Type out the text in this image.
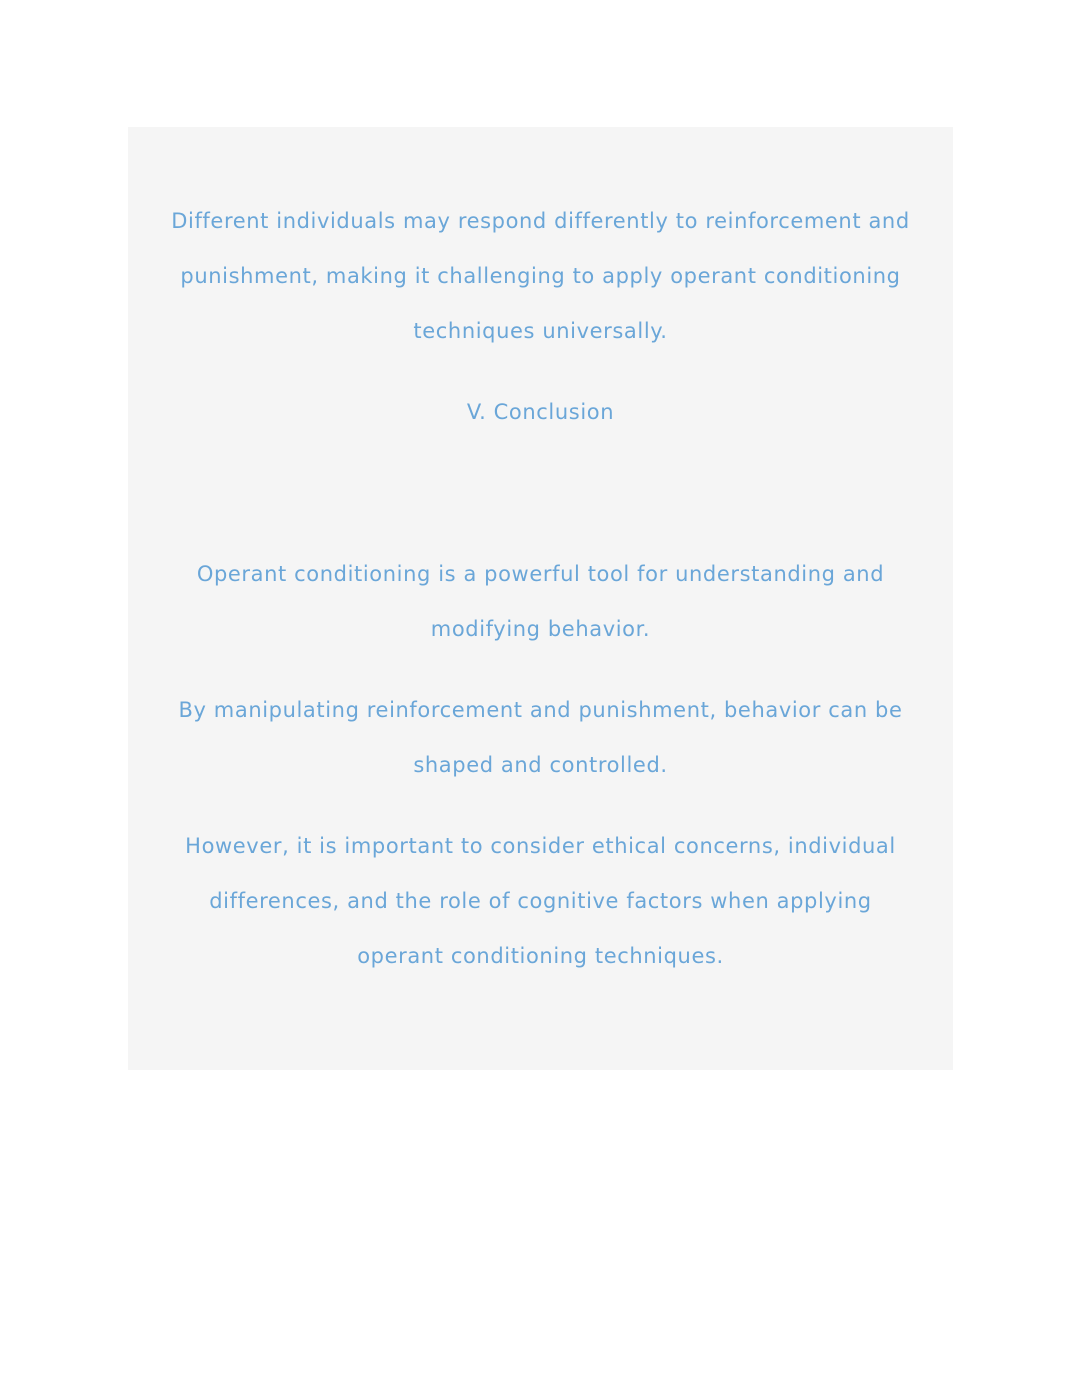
Different individuals may respond differently to reinforcement and
punishment, making it challenging to apply operant conditioning
techniques universally.
V. Conclusion
Operant conditioning is a powerful tool for understanding and
modifying behavior.
By manipulating reinforcement and punishment, behavior can be
shaped and controlled.
However, it is important to consider ethical concerns, individual
differences, and the role of cognitive factors when applying
operant conditioning techniques.
